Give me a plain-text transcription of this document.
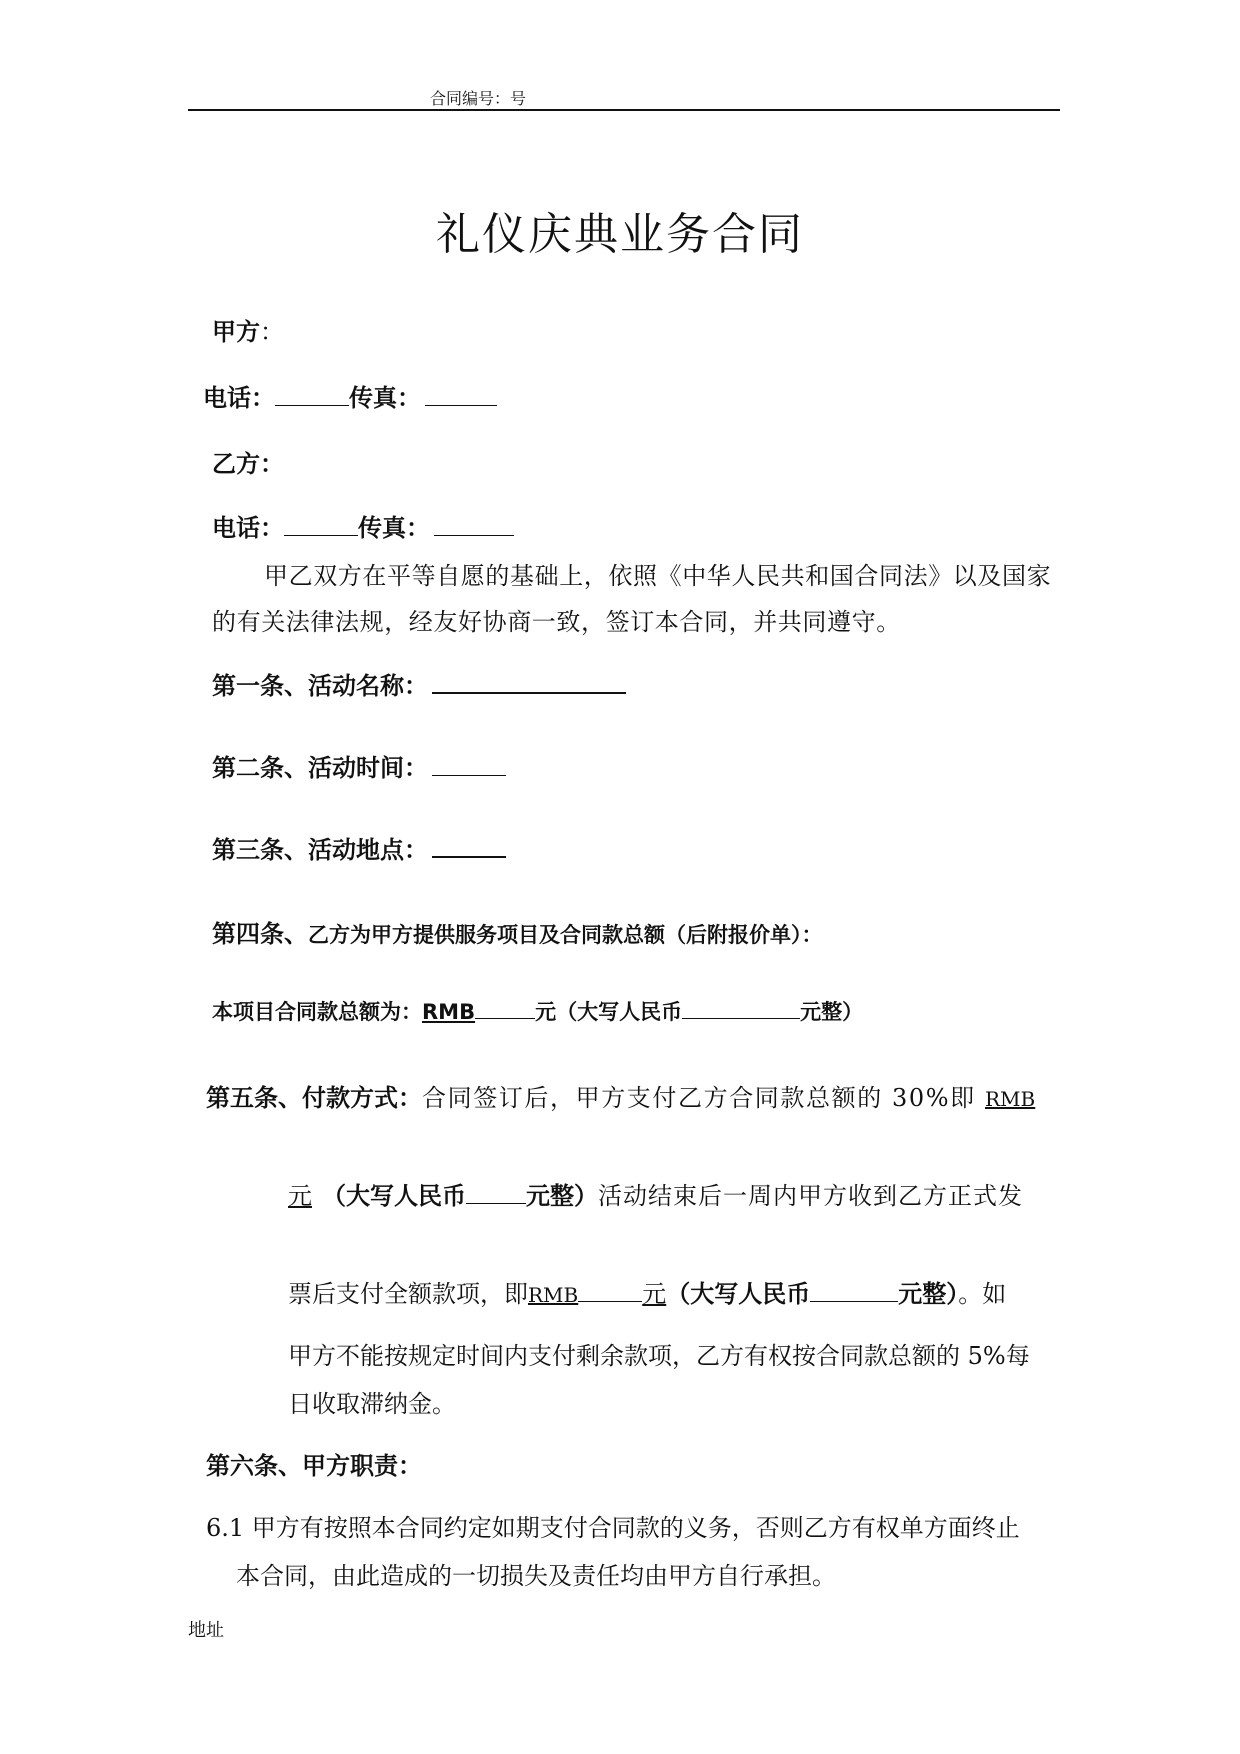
合同编号：号
礼仪庆典业务合同
甲方：
电话：	传真：
乙方：
电话：	传真：
甲乙双方在平等自愿的基础上，依照《中华人民共和国合同法》以及国家
的有关法律法规，经友好协商一致，签订本合同，并共同遵守。
第一条、活动名称：
第二条、活动时间：
第三条、活动地点：
第四条、乙方为甲方提供服务项目及合同款总额（后附报价单）：
本项目合同款总额为：RMB	元（大写人民币	元整）
第五条、付款方式：合同签订后，甲方支付乙方合同款总额的 30%即 RMB
元 （大写人民币	元整）活动结束后一周内甲方收到乙方正式发
票后支付全额款项，即RMB	元（大写人民币	元整）。如
甲方不能按规定时间内支付剩余款项，乙方有权按合同款总额的 5%每
日收取滞纳金。
第六条、甲方职责：
6.1 甲方有按照本合同约定如期支付合同款的义务，否则乙方有权单方面终止
本合同，由此造成的一切损失及责任均由甲方自行承担。
地址
